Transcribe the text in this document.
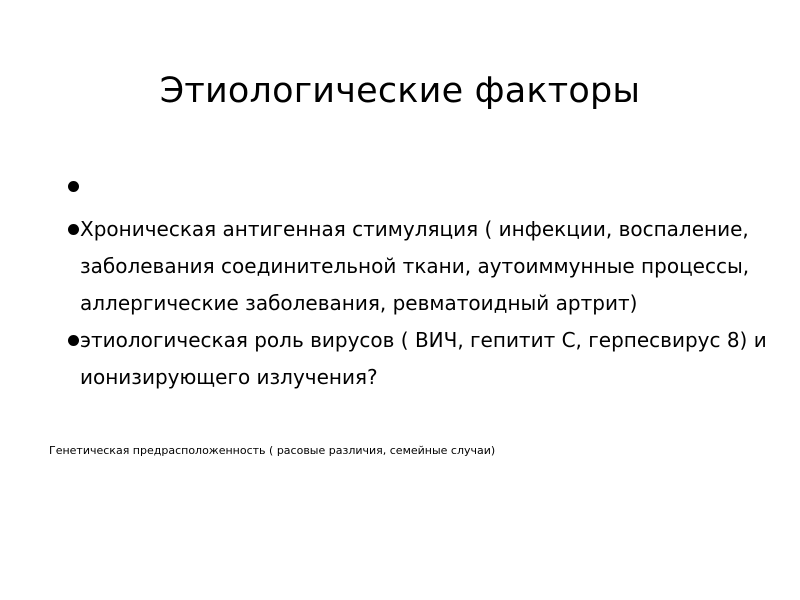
Этиологические факторы
Хроническая антигенная стимуляция ( инфекции, воспаление, заболевания соединительной ткани, аутоиммунные процессы, аллергические заболевания, ревматоидный артрит)
этиологическая роль вирусов ( ВИЧ, гепитит С, герпесвирус 8) и ионизирующего излучения?
Генетическая предрасположенность ( расовые различия, семейные случаи)
